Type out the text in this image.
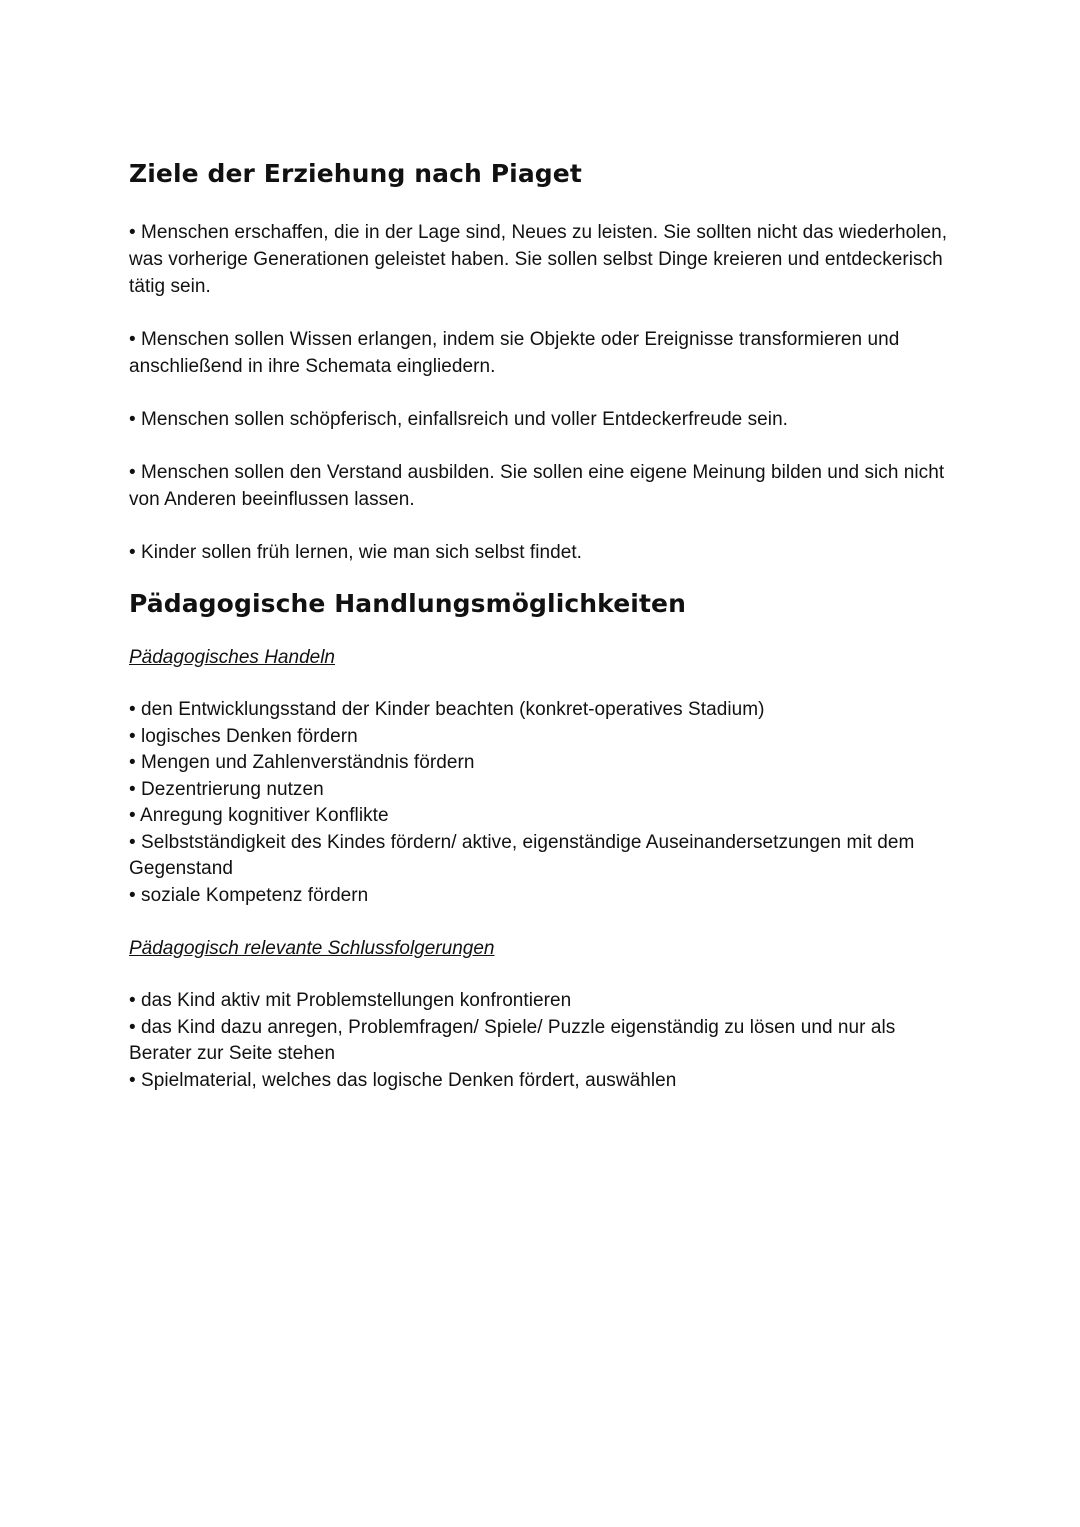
Ziele der Erziehung nach Piaget

• Menschen erschaffen, die in der Lage sind, Neues zu leisten. Sie sollten nicht das wiederholen, was vorherige Generationen geleistet haben. Sie sollen selbst Dinge kreieren und entdeckerisch tätig sein.

• Menschen sollen Wissen erlangen, indem sie Objekte oder Ereignisse transformieren und anschließend in ihre Schemata eingliedern.

• Menschen sollen schöpferisch, einfallsreich und voller Entdeckerfreude sein.

• Menschen sollen den Verstand ausbilden. Sie sollen eine eigene Meinung bilden und sich nicht von Anderen beeinflussen lassen.

• Kinder sollen früh lernen, wie man sich selbst findet.

Pädagogische Handlungsmöglichkeiten

Pädagogisches Handeln

• den Entwicklungsstand der Kinder beachten (konkret-operatives Stadium)
• logisches Denken fördern
• Mengen und Zahlenverständnis fördern
• Dezentrierung nutzen
• Anregung kognitiver Konflikte
• Selbstständigkeit des Kindes fördern/ aktive, eigenständige Auseinandersetzungen mit dem Gegenstand
• soziale Kompetenz fördern

Pädagogisch relevante Schlussfolgerungen

• das Kind aktiv mit Problemstellungen konfrontieren
• das Kind dazu anregen, Problemfragen/ Spiele/ Puzzle eigenständig zu lösen und nur als Berater zur Seite stehen
• Spielmaterial, welches das logische Denken fördert, auswählen
